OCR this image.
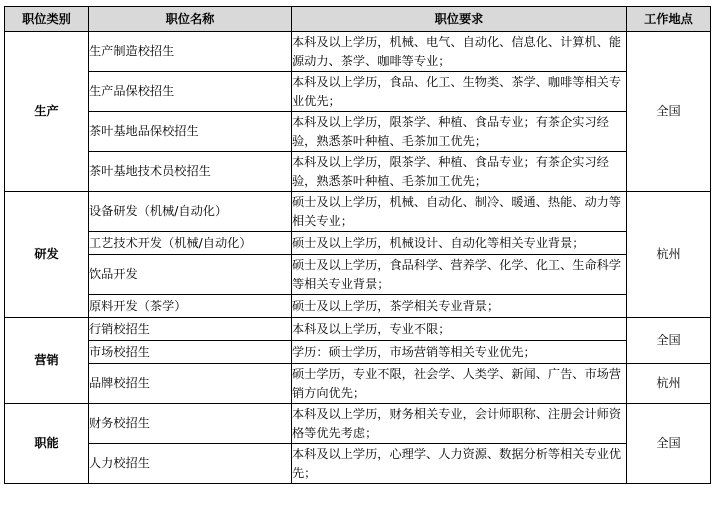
职位类别	职位名称	职位要求	工作地点
生产	生产制造校招生	本科及以上学历，机械、电气、自动化、信息化、计算机、能源动力、茶学、咖啡等专业；	全国
	生产品保校招生	本科及以上学历，食品、化工、生物类、茶学、咖啡等相关专业优先；	
	茶叶基地品保校招生	本科及以上学历，限茶学、种植、食品专业；有茶企实习经验，熟悉茶叶种植、毛茶加工优先；	
	茶叶基地技术员校招生	本科及以上学历，限茶学、种植、食品专业；有茶企实习经验，熟悉茶叶种植、毛茶加工优先；	
研发	设备研发（机械/自动化）	硕士及以上学历，机械、自动化、制冷、暖通、热能、动力等相关专业；	杭州
	工艺技术开发（机械/自动化）	硕士及以上学历，机械设计、自动化等相关专业背景；	
	饮品开发	硕士及以上学历，食品科学、营养学、化学、化工、生命科学等相关专业背景；	
	原料开发（茶学）	硕士及以上学历，茶学相关专业背景；	
营销	行销校招生	本科及以上学历，专业不限；	全国
	市场校招生	学历：硕士学历，市场营销等相关专业优先；	
	品牌校招生	硕士学历，专业不限，社会学、人类学、新闻、广告、市场营销方向优先；	杭州
职能	财务校招生	本科及以上学历，财务相关专业，会计师职称、注册会计师资格等优先考虑；	全国
	人力校招生	本科及以上学历，心理学、人力资源、数据分析等相关专业优先；	
